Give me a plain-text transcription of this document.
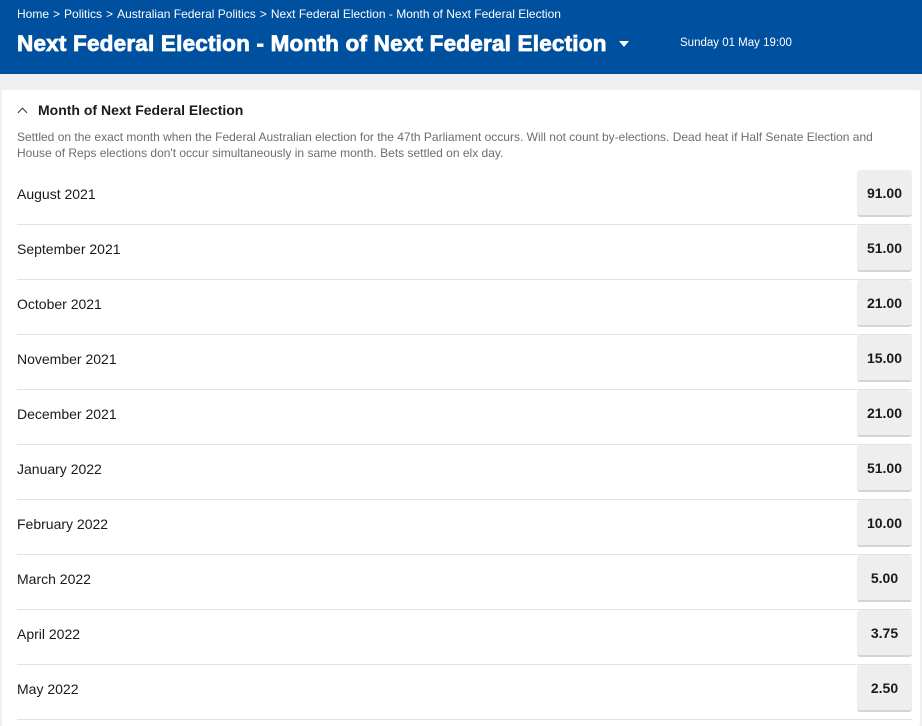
Home > Politics > Australian Federal Politics > Next Federal Election - Month of Next Federal Election
Next Federal Election - Month of Next Federal Election	Sunday 01 May 19:00
Month of Next Federal Election
Settled on the exact month when the Federal Australian election for the 47th Parliament occurs. Will not count by-elections. Dead heat if Half Senate Election and House of Reps elections don't occur simultaneously in same month. Bets settled on elx day.
August 2021	91.00
September 2021	51.00
October 2021	21.00
November 2021	15.00
December 2021	21.00
January 2022	51.00
February 2022	10.00
March 2022	5.00
April 2022	3.75
May 2022	2.50
